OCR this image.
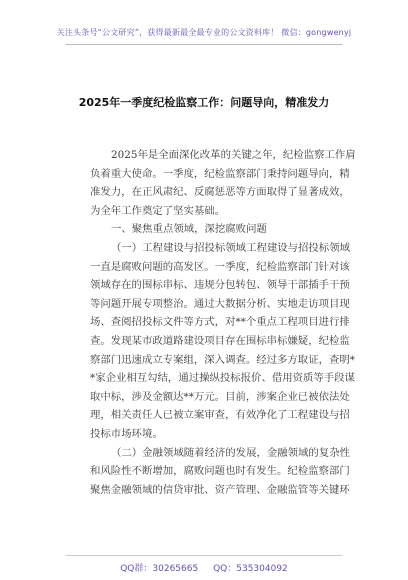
关注头条号“公文研究”，获得最新最全最专业的公文资料库！ 微信：gongwenyj
2025年一季度纪检监察工作：问题导向，精准发力
2025年是全面深化改革的关键之年，纪检监察工作肩
负着重大使命。一季度，纪检监察部门秉持问题导向，精
准发力，在正风肃纪、反腐惩恶等方面取得了显著成效，
为全年工作奠定了坚实基础。
一、聚焦重点领域，深挖腐败问题
（一）工程建设与招投标领域工程建设与招投标领域
一直是腐败问题的高发区。一季度，纪检监察部门针对该
领域存在的围标串标、违规分包转包、领导干部插手干预
等问题开展专项整治。通过大数据分析、实地走访项目现
场、查阅招投标文件等方式，对**个重点工程项目进行排
查。发现某市政道路建设项目存在围标串标嫌疑，纪检监
察部门迅速成立专案组，深入调查。经过多方取证，查明*
*家企业相互勾结，通过操纵投标报价、借用资质等手段谋
取中标，涉及金额达**万元。目前，涉案企业已被依法处
理，相关责任人已被立案审查，有效净化了工程建设与招
投标市场环境。
（二）金融领域随着经济的发展，金融领域的复杂性
和风险性不断增加，腐败问题也时有发生。纪检监察部门
聚焦金融领域的信贷审批、资产管理、金融监管等关键环
QQ群：30265665 QQ：535304092
